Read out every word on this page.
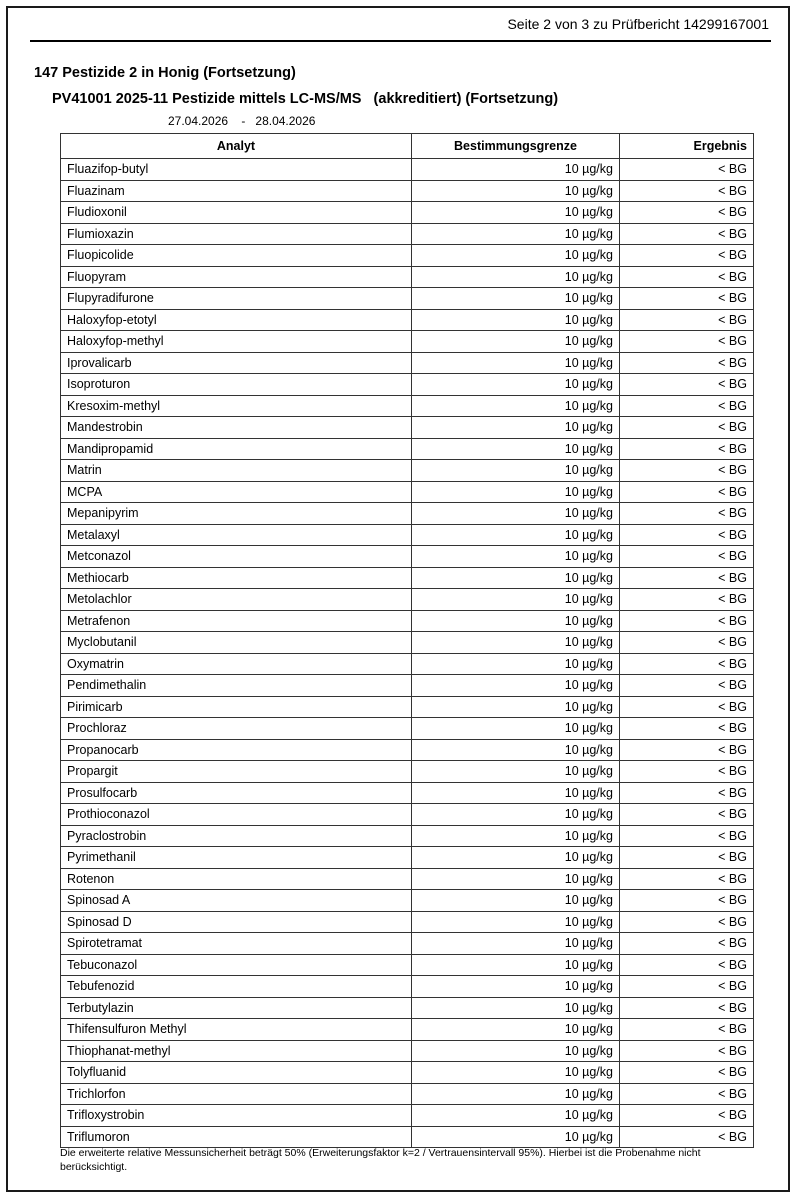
Seite 2 von 3 zu Prüfbericht 14299167001
147 Pestizide 2 in Honig (Fortsetzung)
PV41001 2025-11 Pestizide mittels LC-MS/MS   (akkreditiert) (Fortsetzung)
27.04.2026    -   28.04.2026
Analyt	Bestimmungsgrenze	Ergebnis
Fluazifop-butyl	10 µg/kg	< BG
Fluazinam	10 µg/kg	< BG
Fludioxonil	10 µg/kg	< BG
Flumioxazin	10 µg/kg	< BG
Fluopicolide	10 µg/kg	< BG
Fluopyram	10 µg/kg	< BG
Flupyradifurone	10 µg/kg	< BG
Haloxyfop-etotyl	10 µg/kg	< BG
Haloxyfop-methyl	10 µg/kg	< BG
Iprovalicarb	10 µg/kg	< BG
Isoproturon	10 µg/kg	< BG
Kresoxim-methyl	10 µg/kg	< BG
Mandestrobin	10 µg/kg	< BG
Mandipropamid	10 µg/kg	< BG
Matrin	10 µg/kg	< BG
MCPA	10 µg/kg	< BG
Mepanipyrim	10 µg/kg	< BG
Metalaxyl	10 µg/kg	< BG
Metconazol	10 µg/kg	< BG
Methiocarb	10 µg/kg	< BG
Metolachlor	10 µg/kg	< BG
Metrafenon	10 µg/kg	< BG
Myclobutanil	10 µg/kg	< BG
Oxymatrin	10 µg/kg	< BG
Pendimethalin	10 µg/kg	< BG
Pirimicarb	10 µg/kg	< BG
Prochloraz	10 µg/kg	< BG
Propanocarb	10 µg/kg	< BG
Propargit	10 µg/kg	< BG
Prosulfocarb	10 µg/kg	< BG
Prothioconazol	10 µg/kg	< BG
Pyraclostrobin	10 µg/kg	< BG
Pyrimethanil	10 µg/kg	< BG
Rotenon	10 µg/kg	< BG
Spinosad A	10 µg/kg	< BG
Spinosad D	10 µg/kg	< BG
Spirotetramat	10 µg/kg	< BG
Tebuconazol	10 µg/kg	< BG
Tebufenozid	10 µg/kg	< BG
Terbutylazin	10 µg/kg	< BG
Thifensulfuron Methyl	10 µg/kg	< BG
Thiophanat-methyl	10 µg/kg	< BG
Tolyfluanid	10 µg/kg	< BG
Trichlorfon	10 µg/kg	< BG
Trifloxystrobin	10 µg/kg	< BG
Triflumoron	10 µg/kg	< BG
Die erweiterte relative Messunsicherheit beträgt 50% (Erweiterungsfaktor k=2 / Vertrauensintervall 95%). Hierbei ist die Probenahme nicht berücksichtigt.
